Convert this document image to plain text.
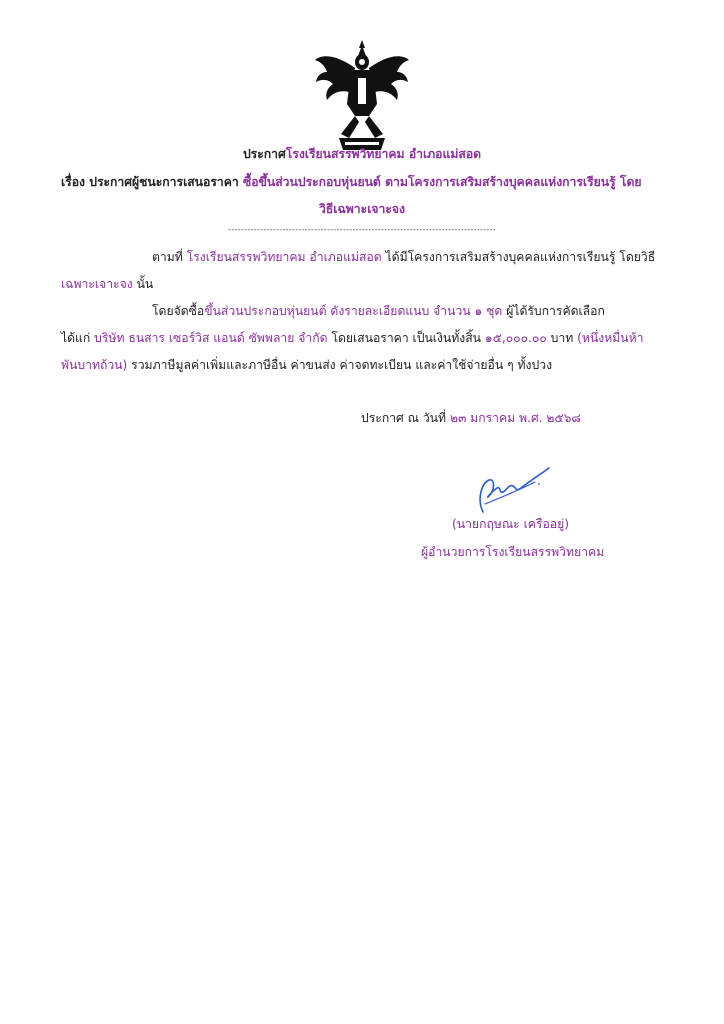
ประกาศโรงเรียนสรรพวิทยาคม อำเภอแม่สอด
เรื่อง ประกาศผู้ชนะการเสนอราคา ซื้อขึ้นส่วนประกอบหุ่นยนต์ ตามโครงการเสริมสร้างบุคคลแห่งการเรียนรู้ โดย
วิธีเฉพาะเจาะจง
------------------------------------------------------------------------------------
ตามที่ โรงเรียนสรรพวิทยาคม อำเภอแม่สอด ได้มีโครงการเสริมสร้างบุคคลแห่งการเรียนรู้ โดยวิธี
เฉพาะเจาะจง นั้น
โดยจัดซื้อขึ้นส่วนประกอบหุ่นยนต์ ดังรายละเอียดแนบ จำนวน ๑ ชุด ผู้ได้รับการคัดเลือก
ได้แก่ บริษัท ธนสาร เซอร์วิส แอนด์ ซัพพลาย จำกัด โดยเสนอราคา เป็นเงินทั้งสิ้น ๑๕,๐๐๐.๐๐ บาท (หนึ่งหมื่นห้า
พันบาทถ้วน) รวมภาษีมูลค่าเพิ่มและภาษีอื่น ค่าขนส่ง ค่าจดทะเบียน และค่าใช้จ่ายอื่น ๆ ทั้งปวง
ประกาศ ณ วันที่ ๒๓ มกราคม พ.ศ. ๒๕๖๘
(นายกฤษณะ เครืออยู่)
ผู้อำนวยการโรงเรียนสรรพวิทยาคม
